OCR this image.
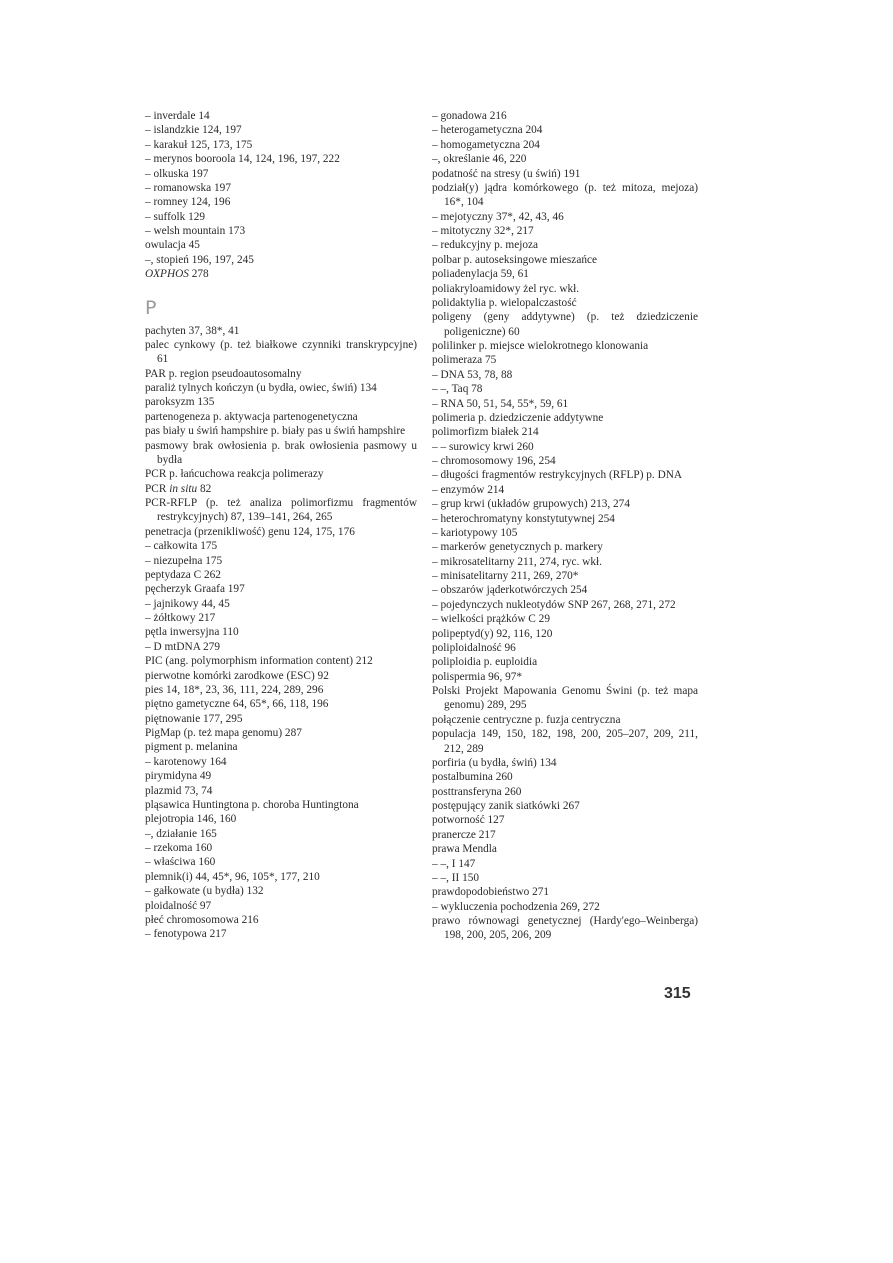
– inverdale 14
– islandzkie 124, 197
– karakuł 125, 173, 175
– merynos booroola 14, 124, 196, 197, 222
– olkuska 197
– romanowska 197
– romney 124, 196
– suffolk 129
– welsh mountain 173
owulacja 45
–, stopień 196, 197, 245
OXPHOS 278
P
pachyten 37, 38*, 41
palec cynkowy (p. też białkowe czynniki transkrypcyjne) 61
PAR p. region pseudoautosomalny
paraliż tylnych kończyn (u bydła, owiec, świń) 134
paroksyzm 135
partenogeneza p. aktywacja partenogenetyczna
pas biały u świń hampshire p. biały pas u świń hampshire
pasmowy brak owłosienia p. brak owłosienia pasmowy u bydła
PCR p. łańcuchowa reakcja polimerazy
PCR in situ 82
PCR-RFLP (p. też analiza polimorfizmu fragmentów restrykcyjnych) 87, 139–141, 264, 265
penetracja (przenikliwość) genu 124, 175, 176
– całkowita 175
– niezupełna 175
peptydaza C 262
pęcherzyk Graafa 197
– jajnikowy 44, 45
– żółtkowy 217
pętla inwersyjna 110
– D mtDNA 279
PIC (ang. polymorphism information content) 212
pierwotne komórki zarodkowe (ESC) 92
pies 14, 18*, 23, 36, 111, 224, 289, 296
piętno gametyczne 64, 65*, 66, 118, 196
piętnowanie 177, 295
PigMap (p. też mapa genomu) 287
pigment p. melanina
– karotenowy 164
pirymidyna 49
plazmid 73, 74
pląsawica Huntingtona p. choroba Huntingtona
plejotropia 146, 160
–, działanie 165
– rzekoma 160
– właściwa 160
plemnik(i) 44, 45*, 96, 105*, 177, 210
– gałkowate (u bydła) 132
ploidalność 97
płeć chromosomowa 216
– fenotypowa 217
– gonadowa 216
– heterogametyczna 204
– homogametyczna 204
–, określanie 46, 220
podatność na stresy (u świń) 191
podział(y) jądra komórkowego (p. też mitoza, mejoza) 16*, 104
– mejotyczny 37*, 42, 43, 46
– mitotyczny 32*, 217
– redukcyjny p. mejoza
polbar p. autoseksingowe mieszańce
poliadenylacja 59, 61
poliakryloamidowy żel ryc. wkł.
polidaktylia p. wielopalczastość
poligeny (geny addytywne) (p. też dziedziczenie poligeniczne) 60
polilinker p. miejsce wielokrotnego klonowania
polimeraza 75
– DNA 53, 78, 88
– –, Taq 78
– RNA 50, 51, 54, 55*, 59, 61
polimeria p. dziedziczenie addytywne
polimorfizm białek 214
– – surowicy krwi 260
– chromosomowy 196, 254
– długości fragmentów restrykcyjnych (RFLP) p. DNA
– enzymów 214
– grup krwi (układów grupowych) 213, 274
– heterochromatyny konstytutywnej 254
– kariotypowy 105
– markerów genetycznych p. markery
– mikrosatelitarny 211, 274, ryc. wkł.
– minisatelitarny 211, 269, 270*
– obszarów jąderkotwórczych 254
– pojedynczych nukleotydów SNP 267, 268, 271, 272
– wielkości prążków C 29
polipeptyd(y) 92, 116, 120
poliploidalność 96
poliploidia p. euploidia
polispermia 96, 97*
Polski Projekt Mapowania Genomu Świni (p. też mapa genomu) 289, 295
połączenie centryczne p. fuzja centryczna
populacja 149, 150, 182, 198, 200, 205–207, 209, 211, 212, 289
porfiria (u bydła, świń) 134
postalbumina 260
posttransferyna 260
postępujący zanik siatkówki 267
potworność 127
pranercze 217
prawa Mendla
– –, I 147
– –, II 150
prawdopodobieństwo 271
– wykluczenia pochodzenia 269, 272
prawo równowagi genetycznej (Hardy'ego–Weinberga) 198, 200, 205, 206, 209
315
